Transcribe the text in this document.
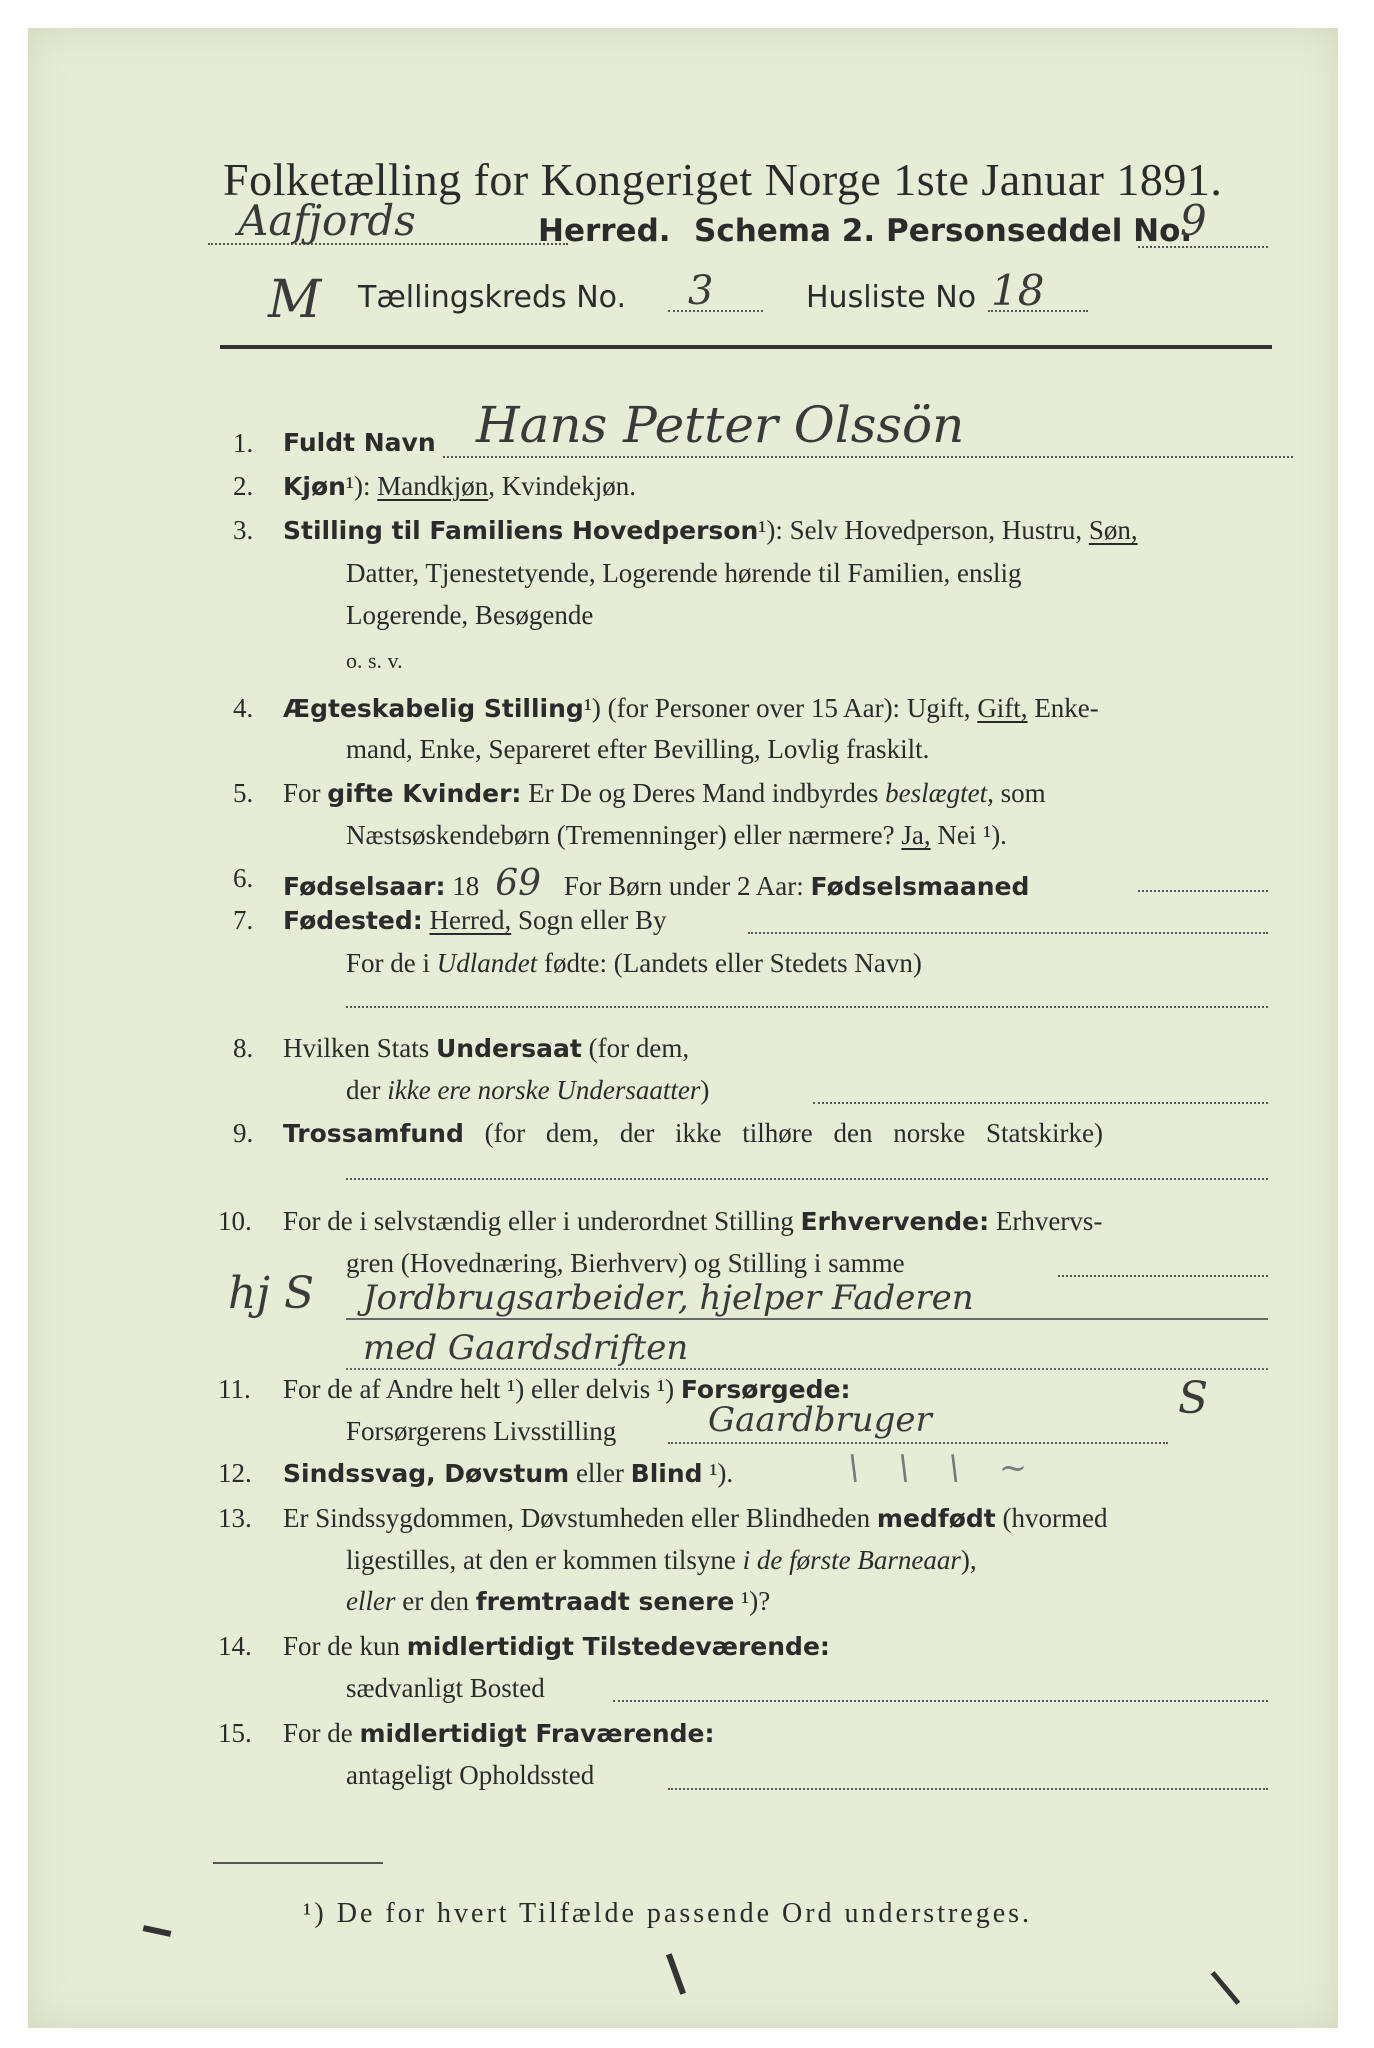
Folketælling for Kongeriget Norge 1ste Januar 1891.
Aafjords	Herred. Schema 2. Personseddel No.
9
M Tællingskreds No. 3	Husliste No 18
1. Fuldt Navn Hans Petter Olssön
2. Kjøn¹): Mandkjøn, Kvindekjøn.
3. Stilling til Familiens Hovedperson¹): Selv Hovedperson, Hustru, Søn,
Datter, Tjenestetyende, Logerende hørende til Familien, enslig
Logerende, Besøgende
o. s. v.
4. Ægteskabelig Stilling¹) (for Personer over 15 Aar): Ugift, Gift, Enke-
mand, Enke, Separeret efter Bevilling, Lovlig fraskilt.
5. For gifte Kvinder: Er De og Deres Mand indbyrdes beslægtet, som
Næstsøskendebørn (Tremenninger) eller nærmere? Ja, Nei ¹).
6. Fødselsaar: 18 69 For Børn under 2 Aar: Fødselsmaaned
7. Fødested: Herred, Sogn eller By
For de i Udlandet fødte: (Landets eller Stedets Navn)
8. Hvilken Stats Undersaat (for dem,
der ikke ere norske Undersaatter)
9. Trossamfund (for dem, der ikke tilhøre den norske Statskirke)
10. For de i selvstændig eller i underordnet Stilling Erhvervende: Erhvervs-
gren (Hovednæring, Bierhverv) og Stilling i samme
hj S Jordbrugsarbeider, hjelper Faderen
med Gaardsdriften
11. For de af Andre helt ¹) eller delvis ¹) Forsørgede:	S
Forsørgerens Livsstilling	Gaardbruger
12. Sindssvag, Døvstum eller Blind ¹).	\ \ \ ~
13. Er Sindssygdommen, Døvstumheden eller Blindheden medfødt (hvormed
ligestilles, at den er kommen tilsyne i de første Barneaar),
eller er den fremtraadt senere ¹)?
14. For de kun midlertidigt Tilstedeværende:
sædvanligt Bosted
15. For de midlertidigt Fraværende:
antageligt Opholdssted
¹) De for hvert Tilfælde passende Ord understreges.
